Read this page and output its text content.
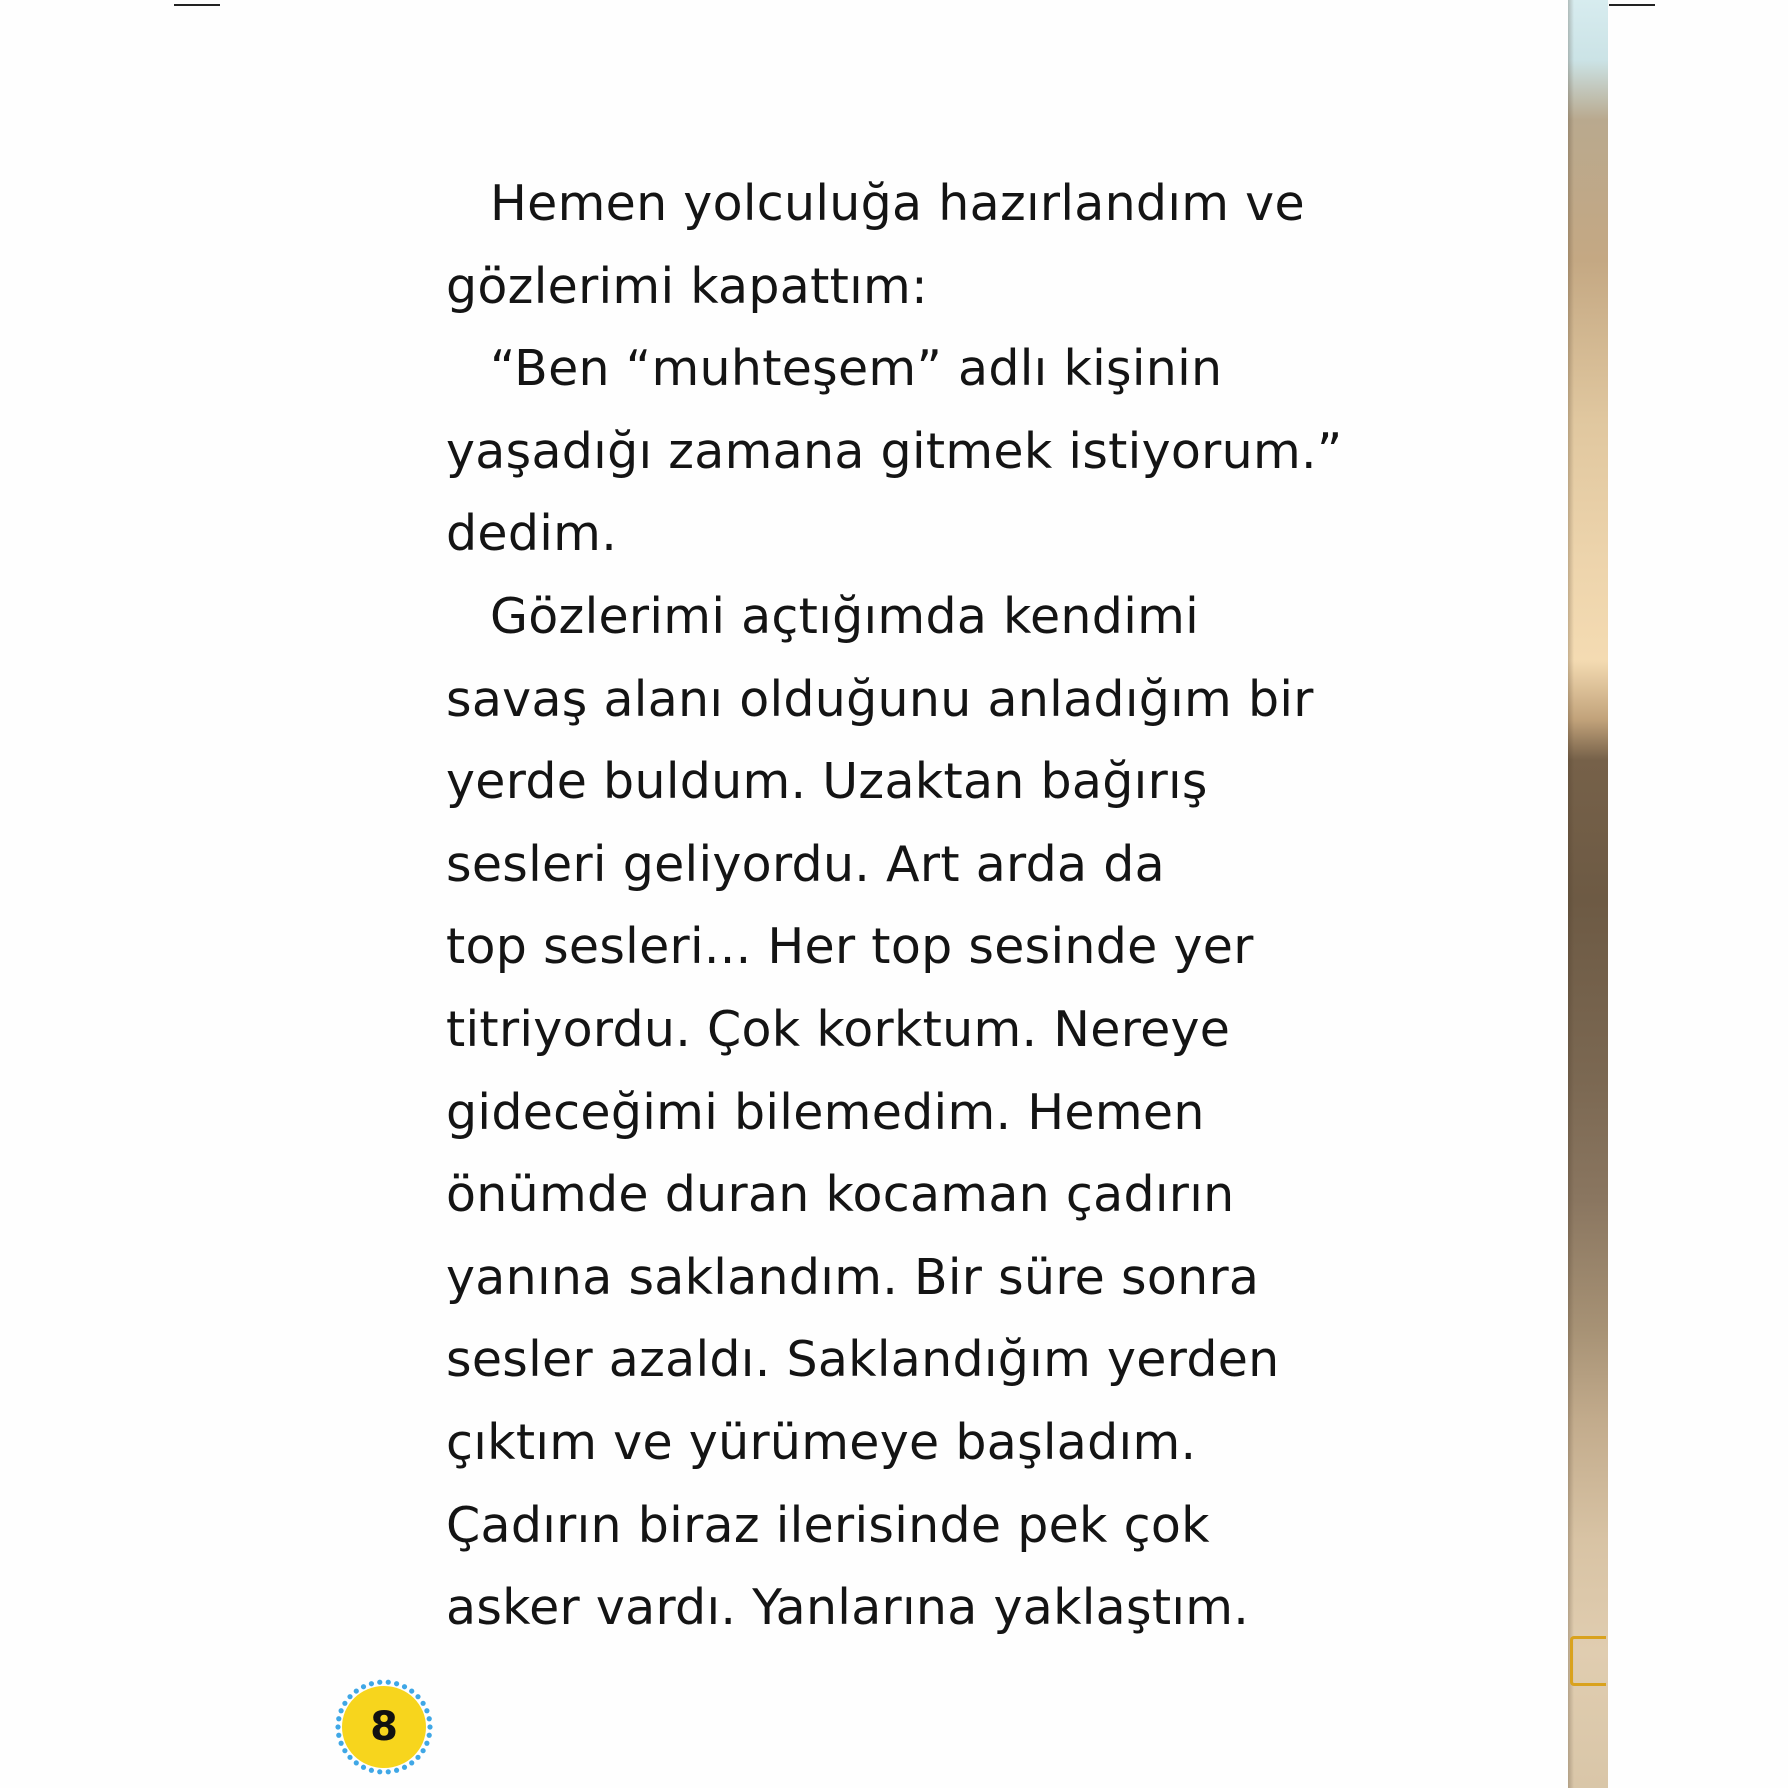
Hemen yolculuğa hazırlandım ve
gözlerimi kapattım:
“Ben “muhteşem” adlı kişinin
yaşadığı zamana gitmek istiyorum.”
dedim.
Gözlerimi açtığımda kendimi
savaş alanı olduğunu anladığım bir
yerde buldum. Uzaktan bağırış
sesleri geliyordu. Art arda da
top sesleri... Her top sesinde yer
titriyordu. Çok korktum. Nereye
gideceğimi bilemedim. Hemen
önümde duran kocaman çadırın
yanına saklandım. Bir süre sonra
sesler azaldı. Saklandığım yerden
çıktım ve yürümeye başladım.
Çadırın biraz ilerisinde pek çok
asker vardı. Yanlarına yaklaştım.
8
